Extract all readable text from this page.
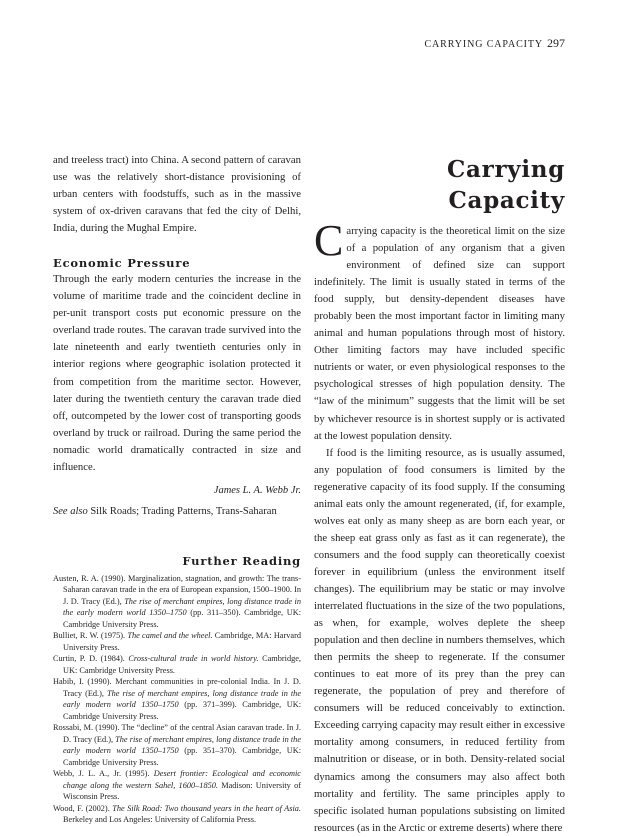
CARRYING CAPACITY 297

and treeless tract) into China. A second pattern of caravan use was the relatively short-distance provisioning of urban centers with foodstuffs, such as in the massive system of ox-driven caravans that fed the city of Delhi, India, during the Mughal Empire.

Economic Pressure

Through the early modern centuries the increase in the volume of maritime trade and the coincident decline in per-unit transport costs put economic pressure on the overland trade routes. The caravan trade survived into the late nineteenth and early twentieth centuries only in interior regions where geographic isolation protected it from competition from the maritime sector. However, later during the twentieth century the caravan trade died off, outcompeted by the lower cost of transporting goods overland by truck or railroad. During the same period the nomadic world dramatically contracted in size and influence.

James L. A. Webb Jr.

See also Silk Roads; Trading Patterns, Trans-Saharan

Further Reading
Austen, R. A. (1990). Marginalization, stagnation, and growth: The trans-Saharan caravan trade in the era of European expansion, 1500–1900. In J. D. Tracy (Ed.), The rise of merchant empires, long distance trade in the early modern world 1350–1750 (pp. 311–350). Cambridge, UK: Cambridge University Press.
Bulliet, R. W. (1975). The camel and the wheel. Cambridge, MA: Harvard University Press.
Curtin, P. D. (1984). Cross-cultural trade in world history. Cambridge, UK: Cambridge University Press.
Habib, I. (1990). Merchant communities in pre-colonial India. In J. D. Tracy (Ed.), The rise of merchant empires, long distance trade in the early modern world 1350–1750 (pp. 371–399). Cambridge, UK: Cambridge University Press.
Rossabi, M. (1990). The “decline” of the central Asian caravan trade. In J. D. Tracy (Ed.), The rise of merchant empires, long distance trade in the early modern world 1350–1750 (pp. 351–370). Cambridge, UK: Cambridge University Press.
Webb, J. L. A., Jr. (1995). Desert frontier: Ecological and economic change along the western Sahel, 1600–1850. Madison: University of Wisconsin Press.
Wood, F. (2002). The Silk Road: Two thousand years in the heart of Asia. Berkeley and Los Angeles: University of California Press.
Carrying
Capacity

Carrying capacity is the theoretical limit on the size of a population of any organism that a given environment of defined size can support indefinitely. The limit is usually stated in terms of the food supply, but density-dependent diseases have probably been the most important factor in limiting many animal and human populations through most of history. Other limiting factors may have included specific nutrients or water, or even physiological responses to the psychological stresses of high population density. The “law of the minimum” suggests that the limit will be set by whichever resource is in shortest supply or is activated at the lowest population density.

If food is the limiting resource, as is usually assumed, any population of food consumers is limited by the regenerative capacity of its food supply. If the consuming animal eats only the amount regenerated, (if, for example, wolves eat only as many sheep as are born each year, or the sheep eat grass only as fast as it can regenerate), the consumers and the food supply can theoretically coexist forever in equilibrium (unless the environment itself changes). The equilibrium may be static or may involve interrelated fluctuations in the size of the two populations, as when, for example, wolves deplete the sheep population and then decline in numbers themselves, which then permits the sheep to regenerate. If the consumer continues to eat more of its prey than the prey can regenerate, the population of prey and therefore of consumers will be reduced conceivably to extinction. Exceeding carrying capacity may result either in excessive mortality among consumers, in reduced fertility from malnutrition or disease, or in both. Density-related social dynamics among the consumers may also affect both mortality and fertility. The same principles apply to specific isolated human populations subsisting on limited resources (as in the Arctic or extreme deserts) where there
